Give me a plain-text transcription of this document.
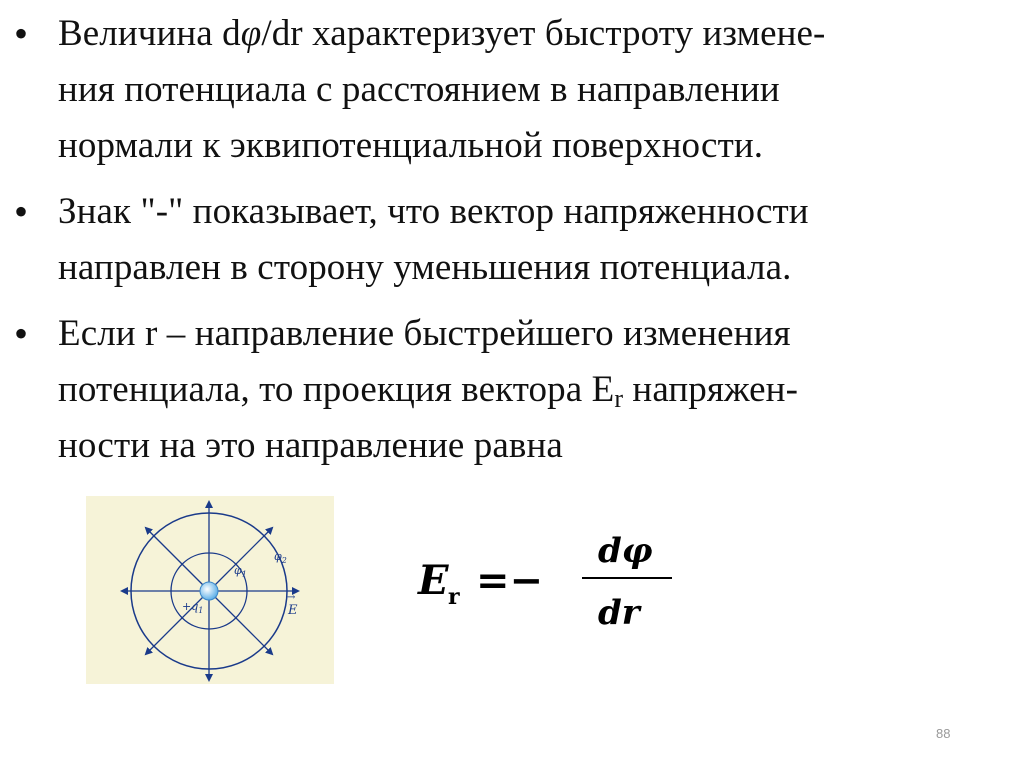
• Величина dφ/dr характеризует быстроту измене-
ния потенциала с расстоянием в направлении
нормали к эквипотенциальной поверхности.
• Знак "-" показывает, что вектор напряженности
направлен в сторону уменьшения потенциала.
• Если r – направление быстрейшего изменения
потенциала, то проекция вектора $E_r$ напряжен-
ности на это направление равна
$\varphi_2$
$\varphi_1$
$+q_1$
→
E
E r =−
dφ
dr
88
